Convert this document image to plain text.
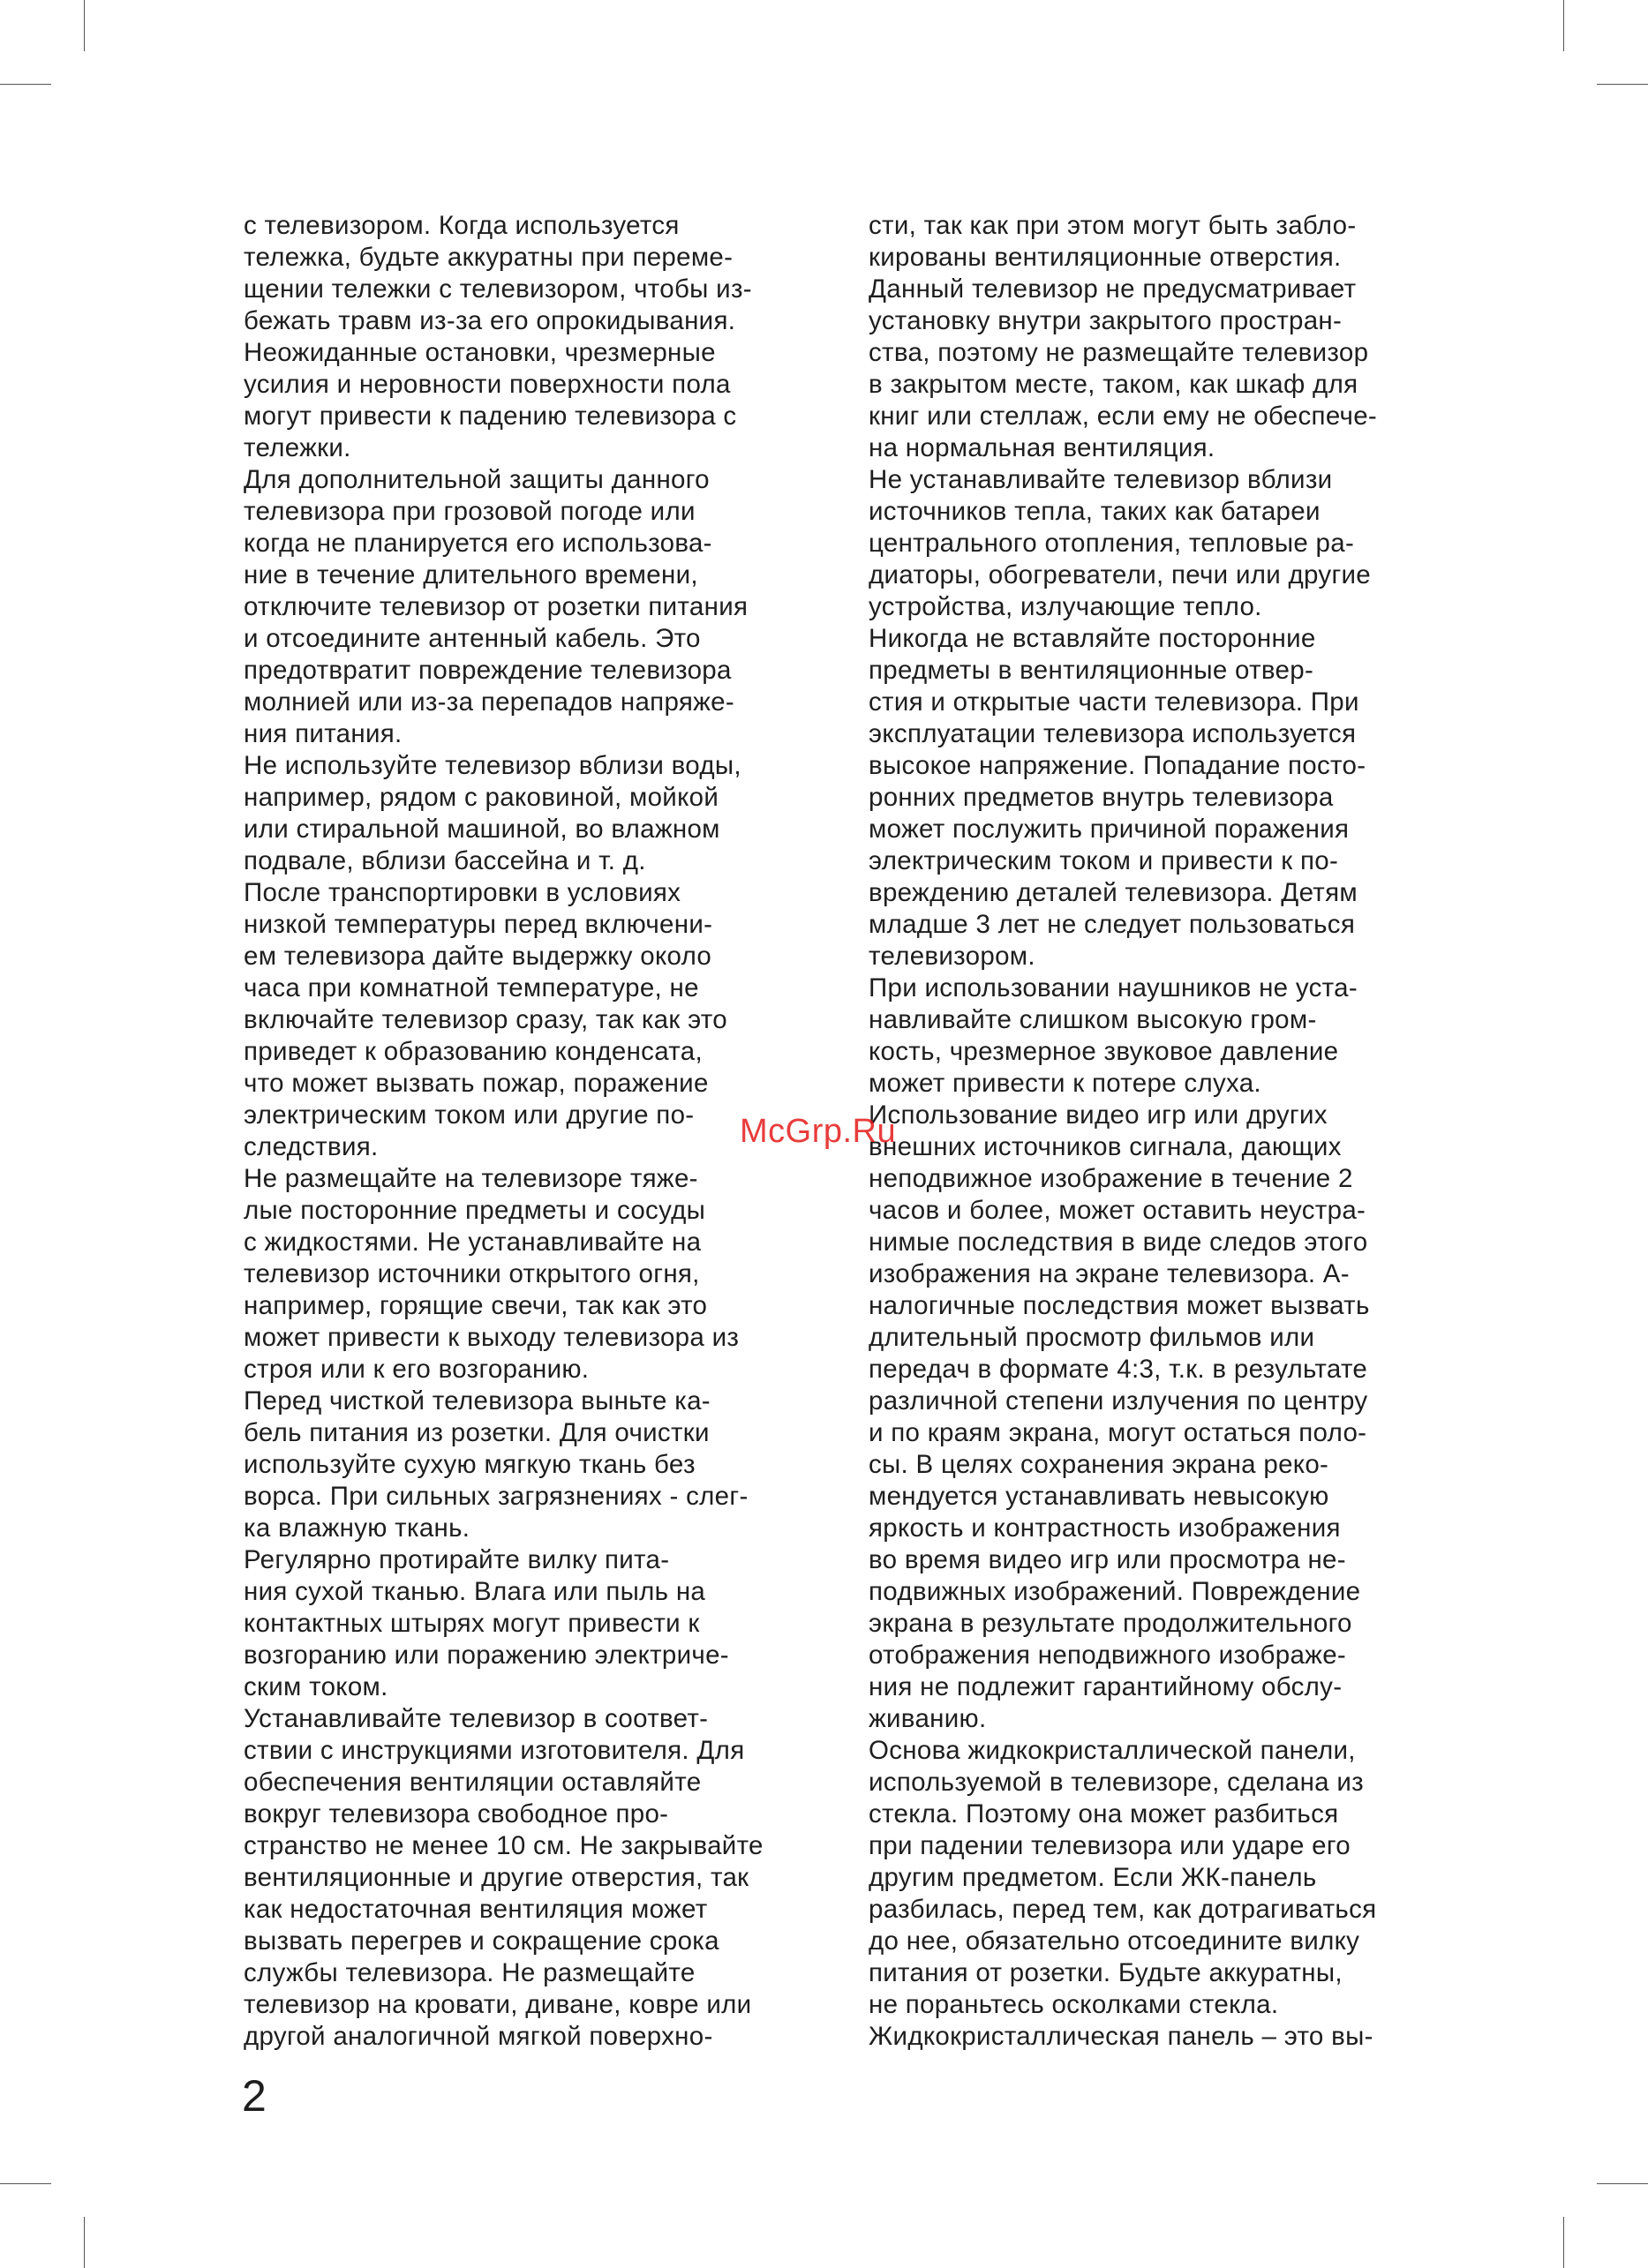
с телевизором. Когда используется
тележка, будьте аккуратны при переме-
щении тележки с телевизором, чтобы из-
бежать травм из-за его опрокидывания.
Неожиданные остановки, чрезмерные
усилия и неровности поверхности пола
могут привести к падению телевизора с
тележки.
Для дополнительной защиты данного
телевизора при грозовой погоде или
когда не планируется его использова-
ние в течение длительного времени,
отключите телевизор от розетки питания
и отсоедините антенный кабель. Это
предотвратит повреждение телевизора
молнией или из-за перепадов напряже-
ния питания.
Не используйте телевизор вблизи воды,
например, рядом с раковиной, мойкой
или стиральной машиной, во влажном
подвале, вблизи бассейна и т. д.
После транспортировки в условиях
низкой температуры перед включени-
ем телевизора дайте выдержку около
часа при комнатной температуре, не
включайте телевизор сразу, так как это
приведет к образованию конденсата,
что может вызвать пожар, поражение
электрическим током или другие по-
следствия.
Не размещайте на телевизоре тяже-
лые посторонние предметы и сосуды
с жидкостями. Не устанавливайте на
телевизор источники открытого огня,
например, горящие свечи, так как это
может привести к выходу телевизора из
строя или к его возгоранию.
Перед чисткой телевизора выньте ка-
бель питания из розетки. Для очистки
используйте сухую мягкую ткань без
ворса. При сильных загрязнениях - слег-
ка влажную ткань.
Регулярно протирайте вилку пита-
ния сухой тканью. Влага или пыль на
контактных штырях могут привести к
возгоранию или поражению электриче-
ским током.
Устанавливайте телевизор в соответ-
ствии с инструкциями изготовителя. Для
обеспечения вентиляции оставляйте
вокруг телевизора свободное про-
странство не менее 10 см. Не закрывайте
вентиляционные и другие отверстия, так
как недостаточная вентиляция может
вызвать перегрев и сокращение срока
службы телевизора. Не размещайте
телевизор на кровати, диване, ковре или
другой аналогичной мягкой поверхно-
сти, так как при этом могут быть забло-
кированы вентиляционные отверстия.
Данный телевизор не предусматривает
установку внутри закрытого простран-
ства, поэтому не размещайте телевизор
в закрытом месте, таком, как шкаф для
книг или стеллаж, если ему не обеспече-
на нормальная вентиляция.
Не устанавливайте телевизор вблизи
источников тепла, таких как батареи
центрального отопления, тепловые ра-
диаторы, обогреватели, печи или другие
устройства, излучающие тепло.
Никогда не вставляйте посторонние
предметы в вентиляционные отвер-
стия и открытые части телевизора. При
эксплуатации телевизора используется
высокое напряжение. Попадание посто-
ронних предметов внутрь телевизора
может послужить причиной поражения
электрическим током и привести к по-
вреждению деталей телевизора. Детям
младше 3 лет не следует пользоваться
телевизором.
При использовании наушников не уста-
навливайте слишком высокую гром-
кость, чрезмерное звуковое давление
может привести к потере слуха.
Использование видео игр или других
внешних источников сигнала, дающих
неподвижное изображение в течение 2
часов и более, может оставить неустра-
нимые последствия в виде следов этого
изображения на экране телевизора. А-
налогичные последствия может вызвать
длительный просмотр фильмов или
передач в формате 4:3, т.к. в результате
различной степени излучения по центру
и по краям экрана, могут остаться поло-
сы. В целях сохранения экрана реко-
мендуется устанавливать невысокую
яркость и контрастность изображения
во время видео игр или просмотра не-
подвижных изображений. Повреждение
экрана в результате продолжительного
отображения неподвижного изображе-
ния не подлежит гарантийному обслу-
живанию.
Основа жидкокристаллической панели,
используемой в телевизоре, сделана из
стекла. Поэтому она может разбиться
при падении телевизора или ударе его
другим предметом. Если ЖК-панель
разбилась, перед тем, как дотрагиваться
до нее, обязательно отсоедините вилку
питания от розетки. Будьте аккуратны,
не пораньтесь осколками стекла.
Жидкокристаллическая панель – это вы-
McGrp.Ru
2
